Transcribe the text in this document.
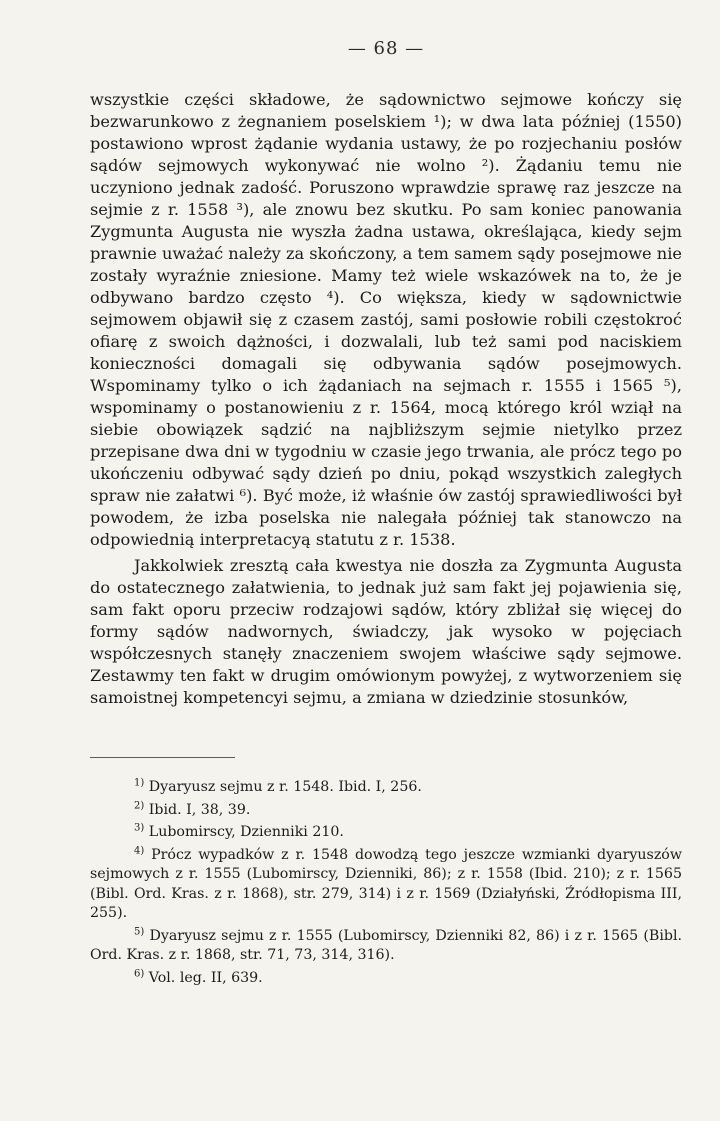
— 68 —

wszystkie części składowe, że sądownictwo sejmowe kończy się bezwarunkowo z żegnaniem poselskiem ¹); w dwa lata później (1550) postawiono wprost żądanie wydania ustawy, że po rozjechaniu posłów sądów sejmowych wykonywać nie wolno ²). Żądaniu temu nie uczyniono jednak zadość. Poruszono wprawdzie sprawę raz jeszcze na sejmie z r. 1558 ³), ale znowu bez skutku. Po sam koniec panowania Zygmunta Augusta nie wyszła żadna ustawa, określająca, kiedy sejm prawnie uważać należy za skończony, a tem samem sądy posejmowe nie zostały wyraźnie zniesione. Mamy też wiele wskazówek na to, że je odbywano bardzo często ⁴). Co większa, kiedy w sądownictwie sejmowem objawił się z czasem zastój, sami posłowie robili częstokroć ofiarę z swoich dążności, i dozwalali, lub też sami pod naciskiem konieczności domagali się odbywania sądów posejmowych. Wspominamy tylko o ich żądaniach na sejmach r. 1555 i 1565 ⁵), wspominamy o postanowieniu z r. 1564, mocą którego król wziął na siebie obowiązek sądzić na najbliższym sejmie nietylko przez przepisane dwa dni w tygodniu w czasie jego trwania, ale prócz tego po ukończeniu odbywać sądy dzień po dniu, pokąd wszystkich zaległych spraw nie załatwi ⁶). Być może, iż właśnie ów zastój sprawiedliwości był powodem, że izba poselska nie nalegała później tak stanowczo na odpowiednią interpretacyą statutu z r. 1538.

Jakkolwiek zresztą cała kwestya nie doszła za Zygmunta Augusta do ostatecznego załatwienia, to jednak już sam fakt jej pojawienia się, sam fakt oporu przeciw rodzajowi sądów, który zbliżał się więcej do formy sądów nadwornych, świadczy, jak wysoko w pojęciach współczesnych stanęły znaczeniem swojem właściwe sądy sejmowe. Zestawmy ten fakt w drugim omówionym powyżej, z wytworzeniem się samoistnej kompetencyi sejmu, a zmiana w dziedzinie stosunków,

$^{1)}$ Dyaryusz sejmu z r. 1548. Ibid. I, 256.
$^{2)}$ Ibid. I, 38, 39.
$^{3)}$ Lubomirscy, Dzienniki 210.
$^{4)}$ Prócz wypadków z r. 1548 dowodzą tego jeszcze wzmianki dyaryuszów sejmowych z r. 1555 (Lubomirscy, Dzienniki, 86); z r. 1558 (Ibid. 210); z r. 1565 (Bibl. Ord. Kras. z r. 1868), str. 279, 314) i z r. 1569 (Działyński, Źródłopisma III, 255).
$^{5)}$ Dyaryusz sejmu z r. 1555 (Lubomirscy, Dzienniki 82, 86) i z r. 1565 (Bibl. Ord. Kras. z r. 1868, str. 71, 73, 314, 316).
$^{6)}$ Vol. leg. II, 639.
